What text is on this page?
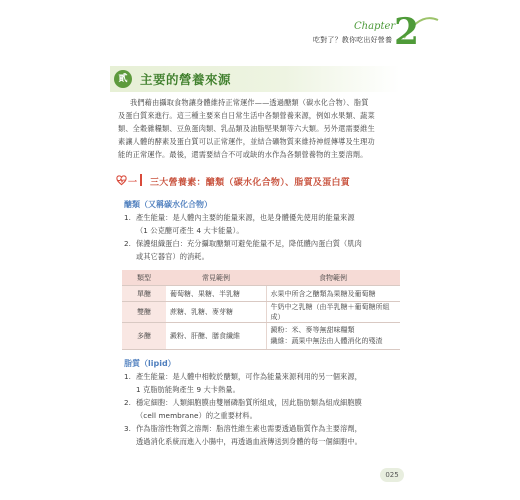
Chapter
吃對了？教你吃出好營養 2
貳	主要的營養來源
我們藉由攝取食物讓身體維持正常運作——透過醣類（碳水化合物）、脂質
及蛋白質來進行。這三種主要來自日常生活中各類營養來源，例如水果類、蔬菜
類、全穀雜糧類、豆魚蛋肉類、乳品類及油脂堅果類等六大類。另外還需要維生
素讓人體的酵素及蛋白質可以正常運作，並結合礦物質來維持神經傳導及生理功
能的正常運作。最後，還需要結合不可或缺的水作為各類營養物的主要溶劑。
一 三大營養素：醣類（碳水化合物）、脂質及蛋白質
醣類（又稱碳水化合物）
1. 產生能量：是人體內主要的能量來源，也是身體優先使用的能量來源
（1 公克醣可產生 4 大卡能量）。
2. 保護組織蛋白：充分攝取醣類可避免能量不足，降低體內蛋白質（肌肉
或其它器官）的消耗。
類型	常見範例	食物範例
單醣	葡萄糖、果糖、半乳糖	水果中所含之醣類為果糖及葡萄糖
雙醣	蔗糖、乳糖、麥芽糖	牛奶中之乳糖（由半乳糖＋葡萄糖所組成）
多醣	澱粉、肝醣、膳食纖維	澱粉：米、麥等無甜味糧類
纖維：蔬果中無法由人體消化的殘渣
脂質（lipid）
1. 產生能量：是人體中相較於醣類，可作為能量來源利用的另一個來源，
1 克脂肪能夠產生 9 大卡熱量。
2. 穩定細胞：人類細胞膜由雙層磷脂質所組成，因此脂肪類為組成細胞膜
（cell membrane）的之重要材料。
3. 作為脂溶性物質之溶劑：脂溶性維生素也需要透過脂質作為主要溶劑，
透過消化系統而進入小腸中，再透過血液傳送到身體的每一個細胞中。
025
